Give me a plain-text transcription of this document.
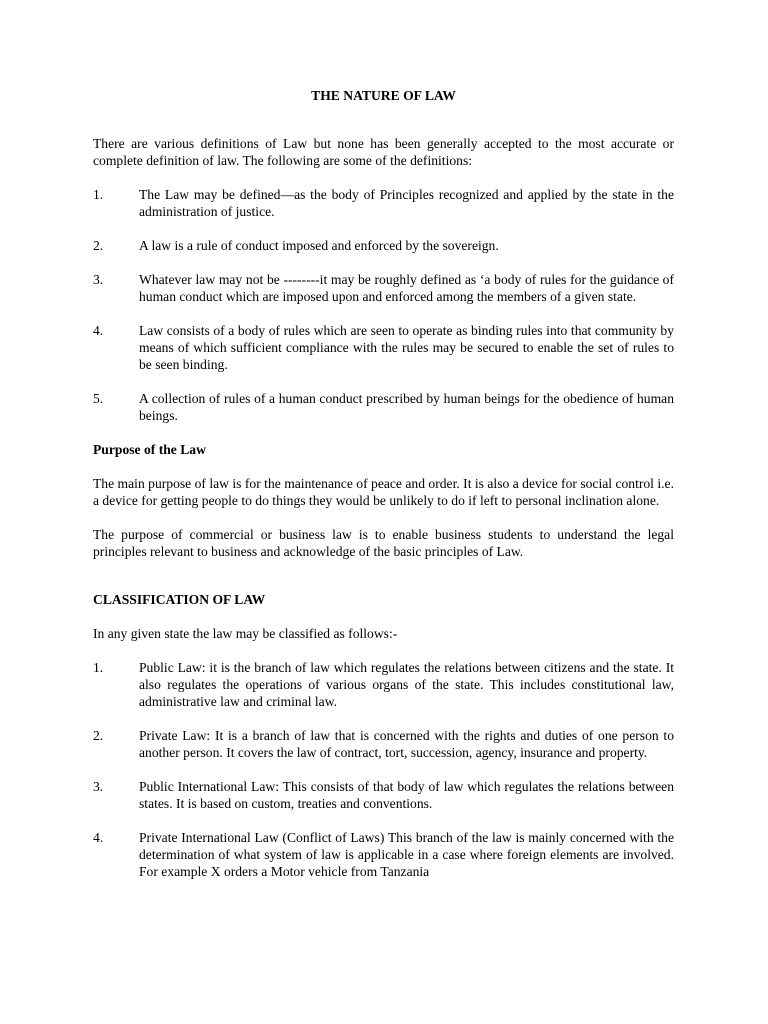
THE NATURE OF LAW

There are various definitions of Law but none has been generally accepted to the most accurate or complete definition of law. The following are some of the definitions:

1.	The Law may be defined—as the body of Principles recognized and applied by the state in the administration of justice.
2.	A law is a rule of conduct imposed and enforced by the sovereign.
3.	Whatever law may not be --------it may be roughly defined as ‘a body of rules for the guidance of human conduct which are imposed upon and enforced among the members of a given state.
4.	Law consists of a body of rules which are seen to operate as binding rules into that community by means of which sufficient compliance with the rules may be secured to enable the set of rules to be seen binding.
5.	A collection of rules of a human conduct prescribed by human beings for the obedience of human beings.
Purpose of the Law

The main purpose of law is for the maintenance of peace and order. It is also a device for social control i.e. a device for getting people to do things they would be unlikely to do if left to personal inclination alone.

The purpose of commercial or business law is to enable business students to understand the legal principles relevant to business and acknowledge of the basic principles of Law.

CLASSIFICATION OF LAW

In any given state the law may be classified as follows:-

1.	Public Law: it is the branch of law which regulates the relations between citizens and the state. It also regulates the operations of various organs of the state. This includes constitutional law, administrative law and criminal law.
2.	Private Law: It is a branch of law that is concerned with the rights and duties of one person to another person. It covers the law of contract, tort, succession, agency, insurance and property.
3.	Public International Law: This consists of that body of law which regulates the relations between states. It is based on custom, treaties and conventions.
4.	Private International Law (Conflict of Laws) This branch of the law is mainly concerned with the determination of what system of law is applicable in a case where foreign elements are involved. For example X orders a Motor vehicle from Tanzania
